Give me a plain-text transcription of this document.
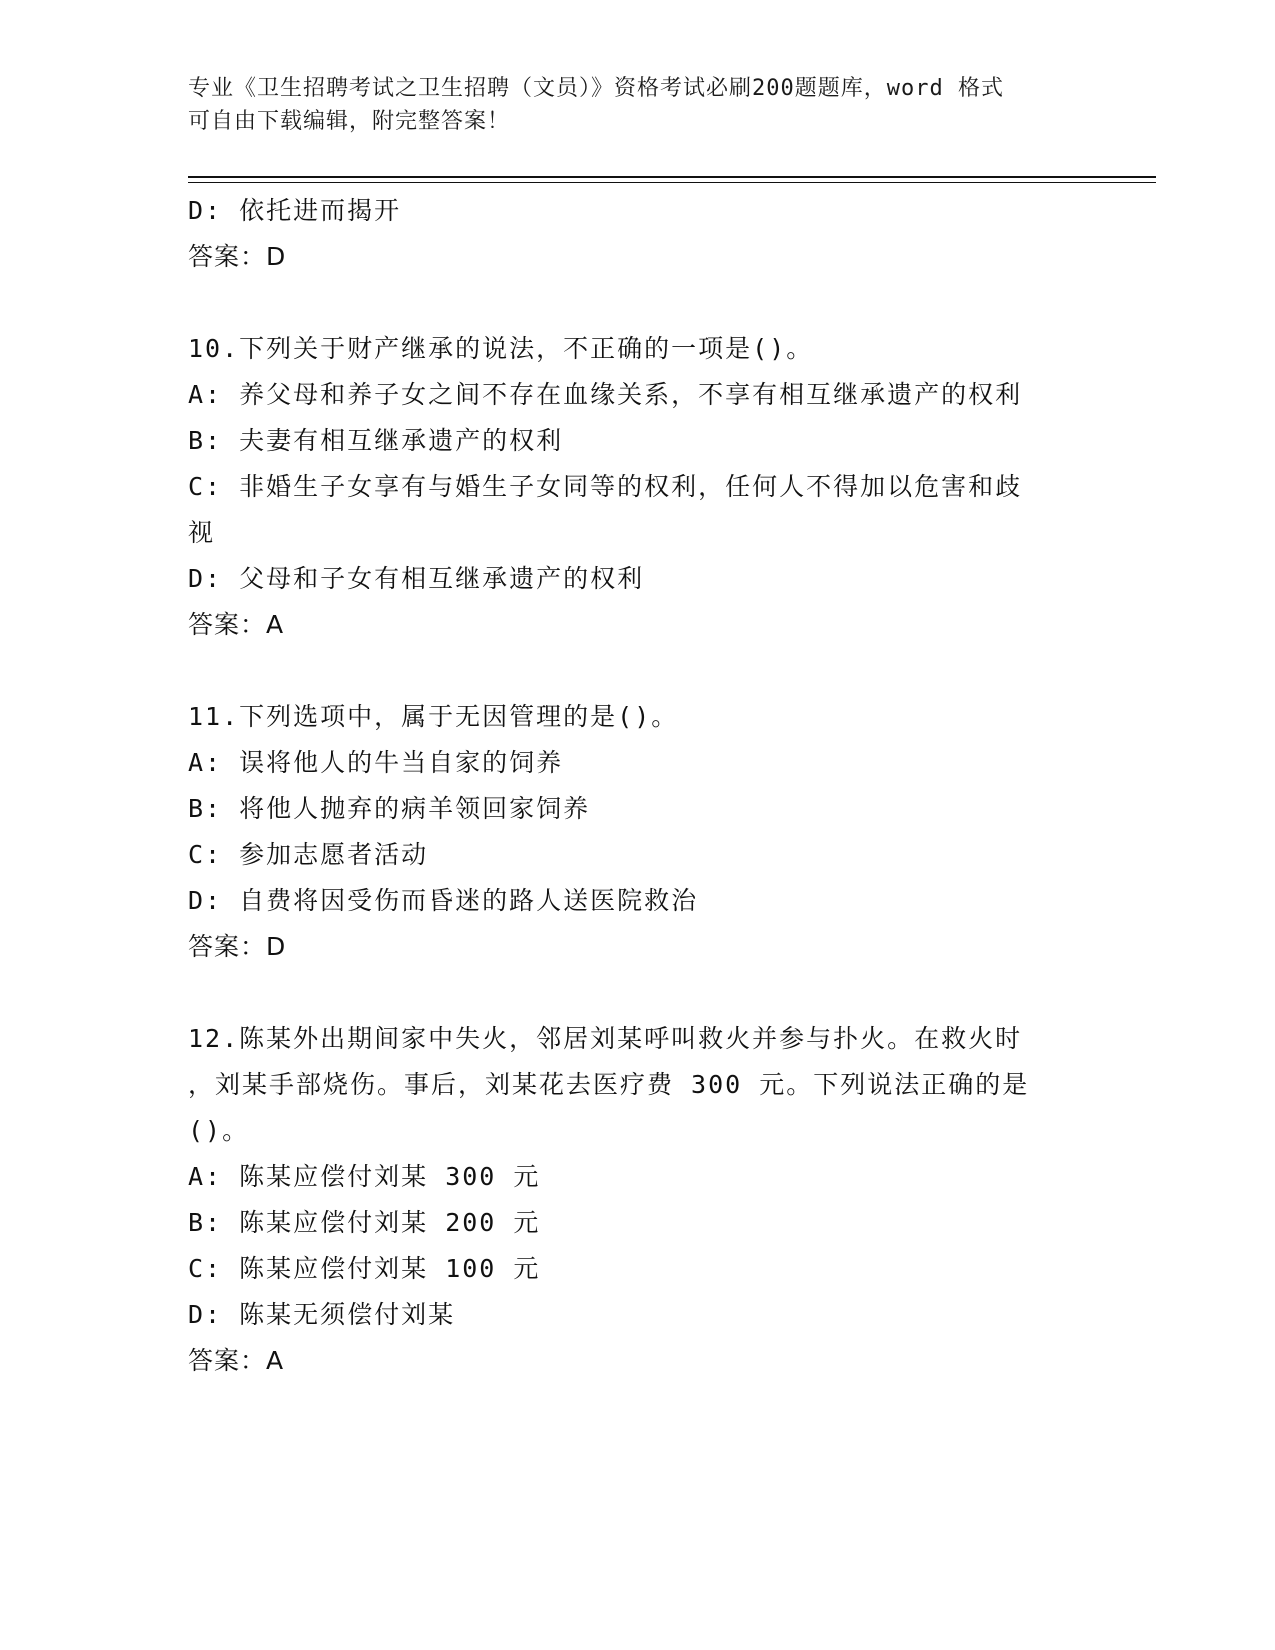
专业《卫生招聘考试之卫生招聘（文员）》资格考试必刷200题题库，word 格式
可自由下载编辑，附完整答案！

D: 依托进而揭开

答案：D

10.下列关于财产继承的说法，不正确的一项是()。

A: 养父母和养子女之间不存在血缘关系，不享有相互继承遗产的权利

B: 夫妻有相互继承遗产的权利

C: 非婚生子女享有与婚生子女同等的权利，任何人不得加以危害和歧

视

D: 父母和子女有相互继承遗产的权利

答案：A

11.下列选项中，属于无因管理的是()。

A: 误将他人的牛当自家的饲养

B: 将他人抛弃的病羊领回家饲养

C: 参加志愿者活动

D: 自费将因受伤而昏迷的路人送医院救治

答案：D

12.陈某外出期间家中失火，邻居刘某呼叫救火并参与扑火。在救火时

，刘某手部烧伤。事后，刘某花去医疗费 300 元。下列说法正确的是

()。

A: 陈某应偿付刘某 300 元

B: 陈某应偿付刘某 200 元

C: 陈某应偿付刘某 100 元

D: 陈某无须偿付刘某

答案：A
